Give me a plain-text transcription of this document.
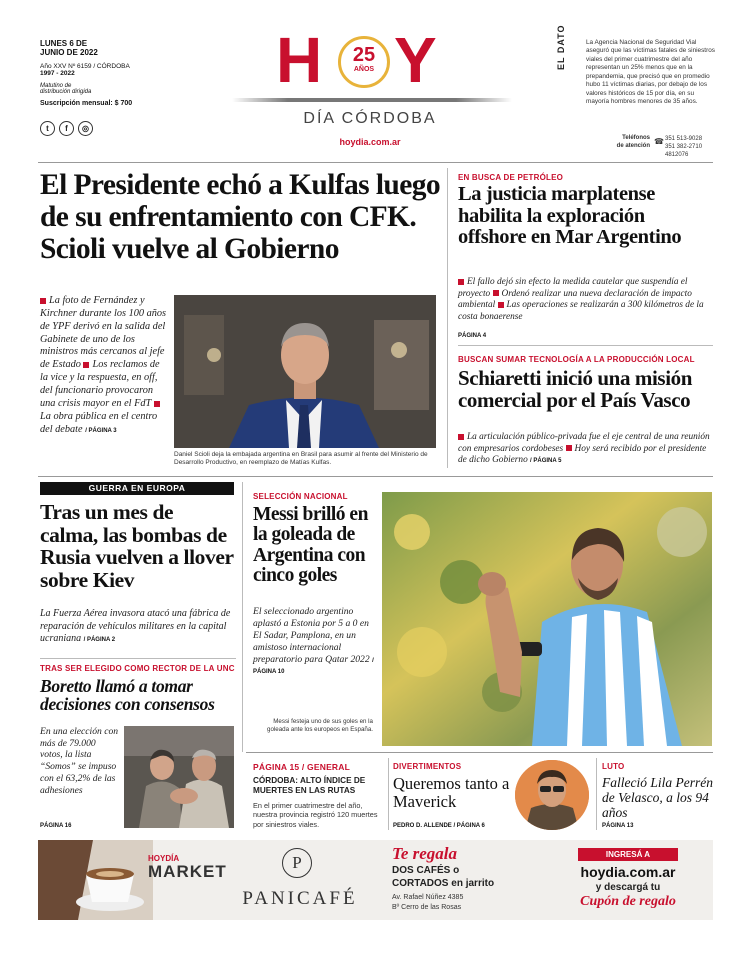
LUNES 6 DE
JUNIO DE 2022
Año XXV Nº 6159 / CÓRDOBA
1997 - 2022
Matutino de
distribución dirigida
Suscripción mensual: $ 700
t	f	◎
H	25
AÑOS Y
DÍA CÓRDOBA
hoydia.com.ar
EL DATO	La Agencia Nacional de Seguridad Vial aseguró que las víctimas fatales de siniestros viales del primer cuatrimestre del año representan un 25% menos que en la prepandemia, que precisó que en promedio hubo 11 víctimas diarias, por debajo de los valores históricos de 15 por día, en su mayoría hombres menores de 35 años.
Teléfonos
de atención ☎ 351 513-9028
351 382-2710
4812076
El Presidente echó a Kulfas luego de su enfrentamiento con CFK. Scioli vuelve al Gobierno
La foto de Fernández y Kirchner durante los 100 años de YPF derivó en la salida del Gabinete de uno de los ministros más cercanos al jefe de Estado Los reclamos de la vice y la respuesta, en off, del funcionario provocaron una crisis mayor en el FdT La obra pública en el centro del debate / PÁGINA 3
Daniel Scioli deja la embajada argentina en Brasil para asumir al frente del Ministerio de Desarrollo Productivo, en reemplazo de Matías Kulfas.
EN BUSCA DE PETRÓLEO
La justicia marplatense habilita la exploración offshore en Mar Argentino
El fallo dejó sin efecto la medida cautelar que suspendía el proyecto Ordenó realizar una nueva declaración de impacto ambiental Las operaciones se realizarán a 300 kilómetros de la costa bonaerense
PÁGINA 4
BUSCAN SUMAR TECNOLOGÍA A LA PRODUCCIÓN LOCAL
Schiaretti inició una misión comercial por el País Vasco
La articulación público-privada fue el eje central de una reunión con empresarios cordobeses Hoy será recibido por el presidente de dicho Gobierno / PÁGINA 5
GUERRA EN EUROPA
Tras un mes de calma, las bombas de Rusia vuelven a llover sobre Kiev
La Fuerza Aérea invasora atacó una fábrica de reparación de vehículos militares en la capital ucraniana / PÁGINA 2
TRAS SER ELEGIDO COMO RECTOR DE LA UNC
Boretto llamó a tomar decisiones con consensos
En una elección con más de 79.000 votos, la lista “Somos” se impuso con el 63,2% de las adhesiones
PÁGINA 16
SELECCIÓN NACIONAL
Messi brilló en la goleada de Argentina con cinco goles
El seleccionado argentino aplastó a Estonia por 5 a 0 en El Sadar, Pamplona, en un amistoso internacional preparatorio para Qatar 2022 / PÁGINA 10
Messi festeja uno de sus goles en la goleada ante los europeos en España.
PÁGINA 15 / GENERAL
CÓRDOBA: ALTO ÍNDICE DE MUERTES EN LAS RUTAS
En el primer cuatrimestre del año, nuestra provincia registró 120 muertes por siniestros viales.
DIVERTIMENTOS
Queremos tanto a Maverick
PEDRO D. ALLENDE / PÁGINA 6
LUTO
Falleció Lila Perrén de Velasco, a los 94 años
PÁGINA 13
HOYDÍA
MARKET	P
PANICAFÉ
Te regala
DOS CAFÉS o
CORTADOS en jarrito
Av. Rafael Núñez 4385
Bº Cerro de las Rosas
INGRESÁ A
hoydia.com.ar
y descargá tu
Cupón de regalo
